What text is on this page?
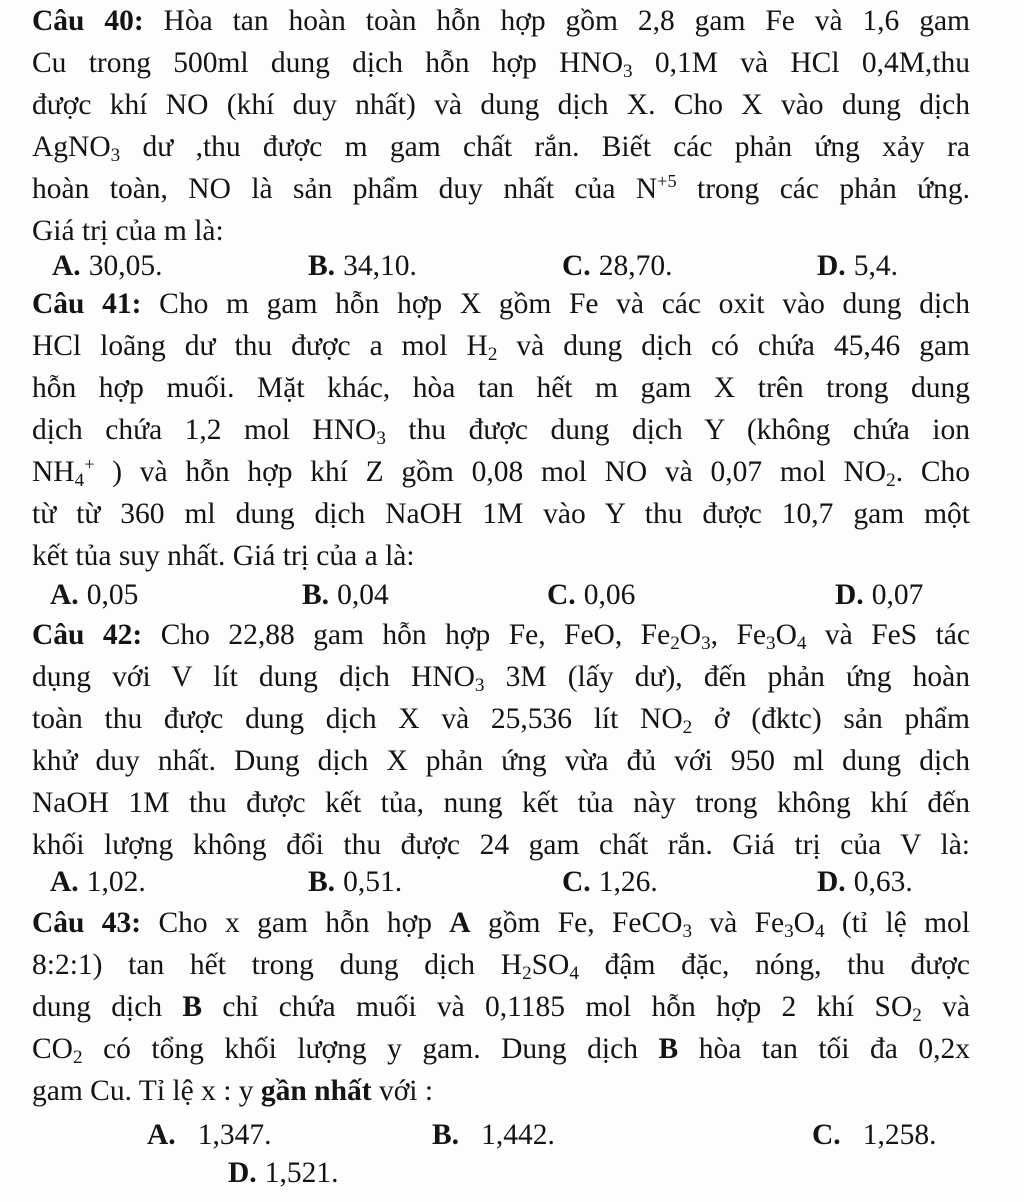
Câu 40: Hòa tan hoàn toàn hỗn hợp gồm 2,8 gam Fe và 1,6 gam
Cu trong 500ml dung dịch hỗn hợp $HNO_3$ 0,1M và HCl 0,4M,thu
được khí NO (khí duy nhất) và dung dịch X. Cho X vào dung dịch
AgNO$_3$ dư ,thu được m gam chất rắn. Biết các phản ứng xảy ra
hoàn toàn, NO là sản phẩm duy nhất của $N^{+5}$ trong các phản ứng.
Giá trị của m là:
A. 30,05.	B. 34,10.	C. 28,70.	D. 5,4.
Câu 41: Cho m gam hỗn hợp X gồm Fe và các oxit vào dung dịch
HCl loãng dư thu được a mol $H_2$ và dung dịch có chứa 45,46 gam
hỗn hợp muối. Mặt khác, hòa tan hết m gam X trên trong dung
dịch chứa 1,2 mol $HNO_3$ thu được dung dịch Y (không chứa ion
$NH_4^+$ ) và hỗn hợp khí Z gồm 0,08 mol NO và 0,07 mol $NO_2$. Cho
từ từ 360 ml dung dịch NaOH 1M vào Y thu được 10,7 gam một
kết tủa suy nhất. Giá trị của a là:
A. 0,05	B. 0,04	C. 0,06	D. 0,07
Câu 42: Cho 22,88 gam hỗn hợp Fe, FeO, $Fe_2O_3$, $Fe_3O_4$ và FeS tác
dụng với V lít dung dịch $HNO_3$ 3M (lấy dư), đến phản ứng hoàn
toàn thu được dung dịch X và 25,536 lít $NO_2$ ở (đktc) sản phẩm
khử duy nhất. Dung dịch X phản ứng vừa đủ với 950 ml dung dịch
NaOH 1M thu được kết tủa, nung kết tủa này trong không khí đến
khối lượng không đổi thu được 24 gam chất rắn. Giá trị của V là:
A. 1,02.	B. 0,51.	C. 1,26.	D. 0,63.
Câu 43: Cho x gam hỗn hợp A gồm Fe, FeCO$_3$ và $Fe_3O_4$ (tỉ lệ mol
8:2:1) tan hết trong dung dịch $H_2SO_4$ đậm đặc, nóng, thu được
dung dịch B chỉ chứa muối và 0,1185 mol hỗn hợp 2 khí $SO_2$ và
$CO_2$ có tổng khối lượng y gam. Dung dịch B hòa tan tối đa 0,2x
gam Cu. Tỉ lệ x : y gần nhất với :
A. 1,347.	B. 1,442.	C. 1,258.
D. 1,521.
